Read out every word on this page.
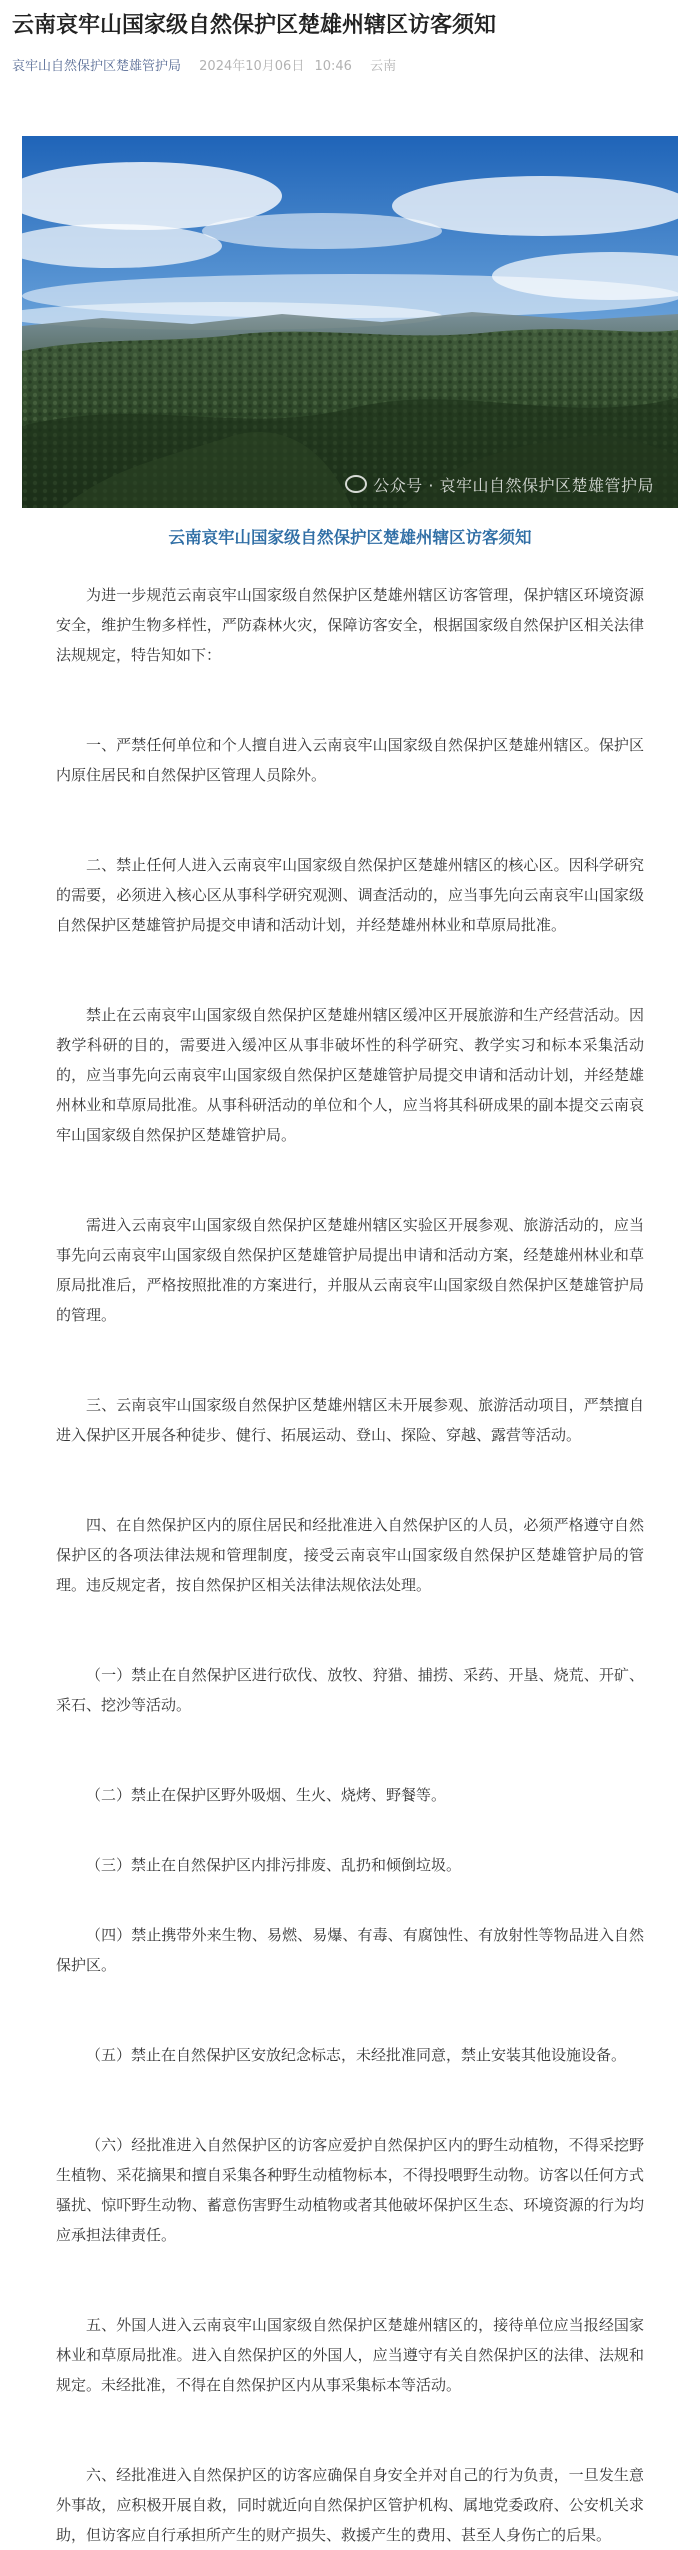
云南哀牢山国家级自然保护区楚雄州辖区访客须知
哀牢山自然保护区楚雄管护局 2024年10月06日 10:46 云南
公众号 · 哀牢山自然保护区楚雄管护局
云南哀牢山国家级自然保护区楚雄州辖区访客须知

为进一步规范云南哀牢山国家级自然保护区楚雄州辖区访客管理，保护辖区环境资源安全，维护生物多样性，严防森林火灾，保障访客安全，根据国家级自然保护区相关法律法规规定，特告知如下：

一、严禁任何单位和个人擅自进入云南哀牢山国家级自然保护区楚雄州辖区。保护区内原住居民和自然保护区管理人员除外。

二、禁止任何人进入云南哀牢山国家级自然保护区楚雄州辖区的核心区。因科学研究的需要，必须进入核心区从事科学研究观测、调查活动的，应当事先向云南哀牢山国家级自然保护区楚雄管护局提交申请和活动计划，并经楚雄州林业和草原局批准。

禁止在云南哀牢山国家级自然保护区楚雄州辖区缓冲区开展旅游和生产经营活动。因教学科研的目的，需要进入缓冲区从事非破坏性的科学研究、教学实习和标本采集活动的，应当事先向云南哀牢山国家级自然保护区楚雄管护局提交申请和活动计划，并经楚雄州林业和草原局批准。从事科研活动的单位和个人，应当将其科研成果的副本提交云南哀牢山国家级自然保护区楚雄管护局。

需进入云南哀牢山国家级自然保护区楚雄州辖区实验区开展参观、旅游活动的，应当事先向云南哀牢山国家级自然保护区楚雄管护局提出申请和活动方案，经楚雄州林业和草原局批准后，严格按照批准的方案进行，并服从云南哀牢山国家级自然保护区楚雄管护局的管理。

三、云南哀牢山国家级自然保护区楚雄州辖区未开展参观、旅游活动项目，严禁擅自进入保护区开展各种徒步、健行、拓展运动、登山、探险、穿越、露营等活动。

四、在自然保护区内的原住居民和经批准进入自然保护区的人员，必须严格遵守自然保护区的各项法律法规和管理制度，接受云南哀牢山国家级自然保护区楚雄管护局的管理。违反规定者，按自然保护区相关法律法规依法处理。

（一）禁止在自然保护区进行砍伐、放牧、狩猎、捕捞、采药、开垦、烧荒、开矿、采石、挖沙等活动。

（二）禁止在保护区野外吸烟、生火、烧烤、野餐等。

（三）禁止在自然保护区内排污排废、乱扔和倾倒垃圾。

（四）禁止携带外来生物、易燃、易爆、有毒、有腐蚀性、有放射性等物品进入自然保护区。

（五）禁止在自然保护区安放纪念标志，未经批准同意，禁止安装其他设施设备。

（六）经批准进入自然保护区的访客应爱护自然保护区内的野生动植物，不得采挖野生植物、采花摘果和擅自采集各种野生动植物标本，不得投喂野生动物。访客以任何方式骚扰、惊吓野生动物、蓄意伤害野生动植物或者其他破坏保护区生态、环境资源的行为均应承担法律责任。

五、外国人进入云南哀牢山国家级自然保护区楚雄州辖区的，接待单位应当报经国家林业和草原局批准。进入自然保护区的外国人，应当遵守有关自然保护区的法律、法规和规定。未经批准，不得在自然保护区内从事采集标本等活动。

六、经批准进入自然保护区的访客应确保自身安全并对自己的行为负责，一旦发生意外事故，应积极开展自救，同时就近向自然保护区管护机构、属地党委政府、公安机关求助，但访客应自行承担所产生的财产损失、救援产生的费用、甚至人身伤亡的后果。
